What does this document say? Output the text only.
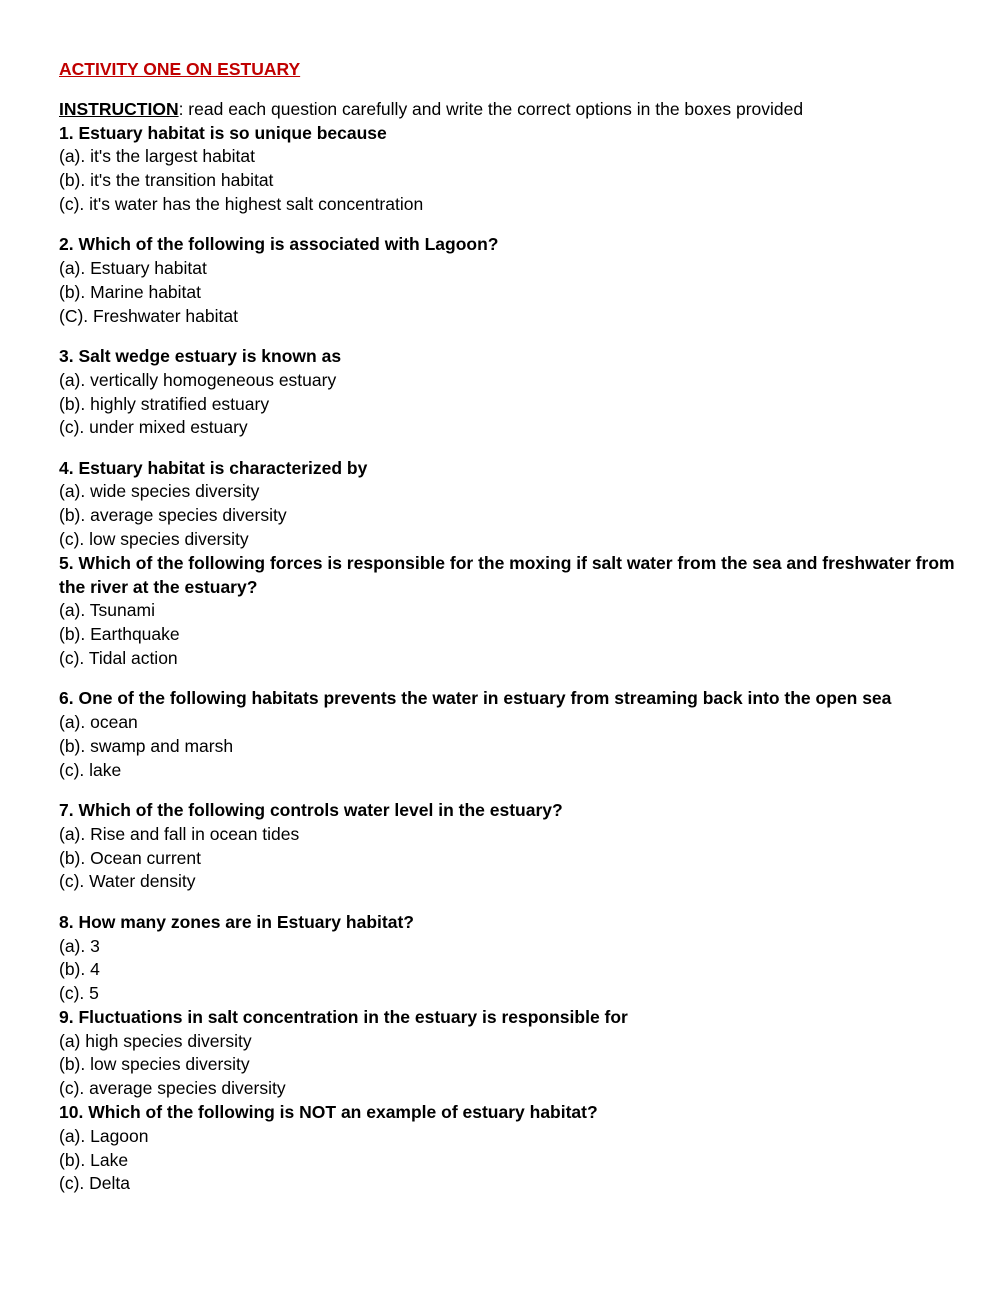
ACTIVITY ONE ON ESTUARY
INSTRUCTION: read each question carefully and write the correct options in the boxes provided
1. Estuary habitat is so unique because
(a). it's the largest habitat
(b). it's the transition habitat
(c). it's water has the highest salt concentration
2. Which of the following is associated with Lagoon?
(a). Estuary habitat
(b). Marine habitat
(C). Freshwater habitat
3. Salt wedge estuary is known as
(a). vertically homogeneous estuary
(b). highly stratified estuary
(c). under mixed estuary
4. Estuary habitat is characterized by
(a). wide species diversity
(b). average species diversity
(c). low species diversity
5. Which of the following forces is responsible for the moxing if salt water from the sea and freshwater from the river at the estuary?
(a). Tsunami
(b). Earthquake
(c). Tidal action
6. One of the following habitats prevents the water in estuary from streaming back into the open sea
(a). ocean
(b). swamp and marsh
(c). lake
7. Which of the following controls water level in the estuary?
(a). Rise and fall in ocean tides
(b). Ocean current
(c). Water density
8. How many zones are in Estuary habitat?
(a). 3
(b). 4
(c). 5
9. Fluctuations in salt concentration in the estuary is responsible for
(a) high species diversity
(b). low species diversity
(c). average species diversity
10. Which of the following is NOT an example of estuary habitat?
(a). Lagoon
(b). Lake
(c). Delta
